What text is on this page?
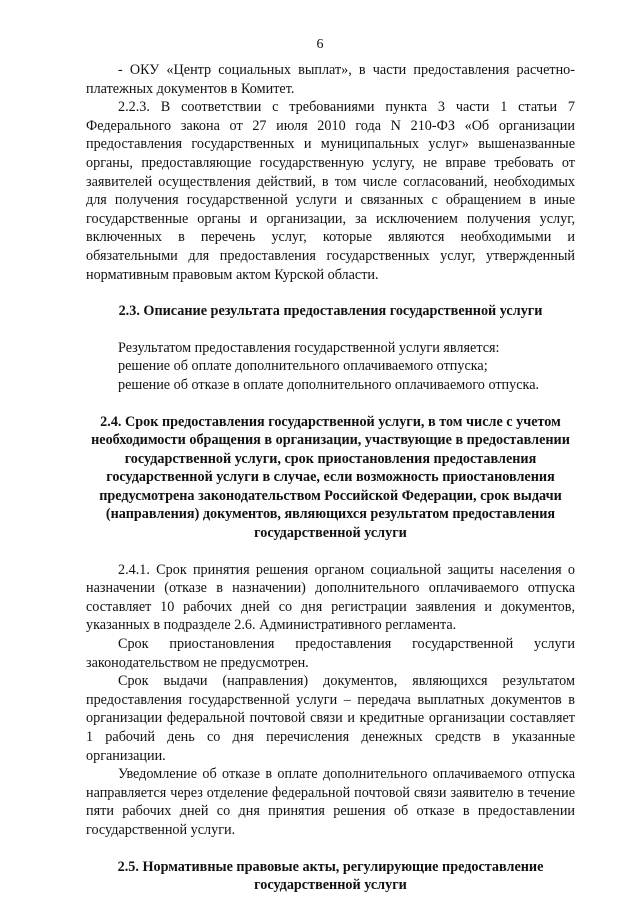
6

- ОКУ «Центр социальных выплат», в части предоставления расчетно-платежных документов в Комитет.

2.2.3. В соответствии с требованиями пункта 3 части 1 статьи 7 Федерального закона от 27 июля 2010 года N 210-ФЗ «Об организации предоставления государственных и муниципальных услуг» вышеназванные органы, предоставляющие государственную услугу, не вправе требовать от заявителей осуществления действий, в том числе согласований, необходимых для получения государственной услуги и связанных с обращением в иные государственные органы и организации, за исключением получения услуг, включенных в перечень услуг, которые являются необходимыми и обязательными для предоставления государственных услуг, утвержденный нормативным правовым актом Курской области.

2.3. Описание результата предоставления государственной услуги

Результатом предоставления государственной услуги является:

решение об оплате дополнительного оплачиваемого отпуска;

решение об отказе в оплате дополнительного оплачиваемого отпуска.

2.4. Срок предоставления государственной услуги, в том числе с учетом необходимости обращения в организации, участвующие в предоставлении государственной услуги, срок приостановления предоставления государственной услуги в случае, если возможность приостановления предусмотрена законодательством Российской Федерации, срок выдачи (направления) документов, являющихся результатом предоставления государственной услуги

2.4.1. Срок принятия решения органом социальной защиты населения о назначении (отказе в назначении) дополнительного оплачиваемого отпуска составляет 10 рабочих дней со дня регистрации заявления и документов, указанных в подразделе 2.6. Административного регламента.

Срок приостановления предоставления государственной услуги законодательством не предусмотрен.

Срок выдачи (направления) документов, являющихся результатом предоставления государственной услуги – передача выплатных документов в организации федеральной почтовой связи и кредитные организации составляет 1 рабочий день со дня перечисления денежных средств в указанные организации.

Уведомление об отказе в оплате дополнительного оплачиваемого отпуска направляется через отделение федеральной почтовой связи заявителю в течение пяти рабочих дней со дня принятия решения об отказе в предоставлении государственной услуги.

2.5. Нормативные правовые акты, регулирующие предоставление государственной услуги
